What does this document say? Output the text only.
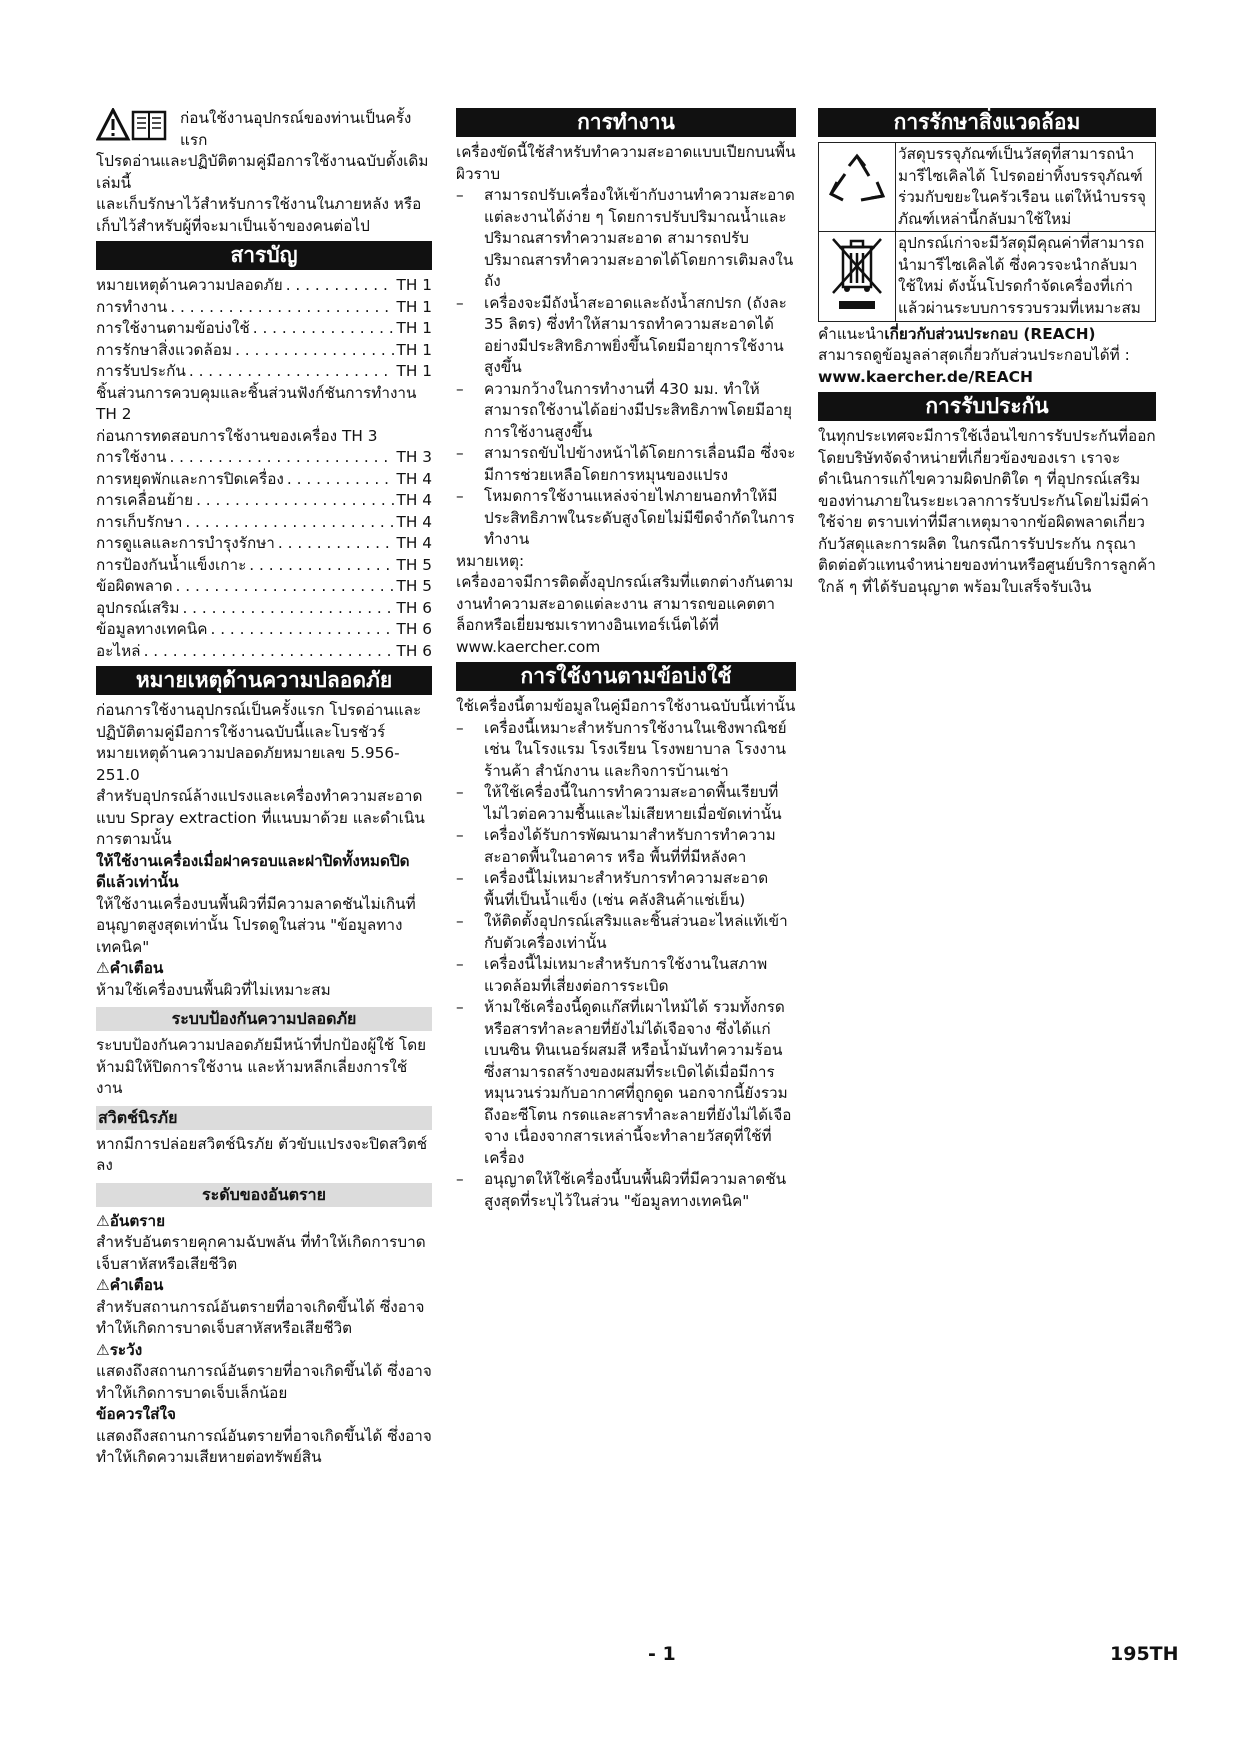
ก่อนใช้งานอุปกรณ์ของท่านเป็นครั้งแรก

โปรดอ่านและปฏิบัติตามคู่มือการใช้งานฉบับดั้งเดิมเล่มนี้

และเก็บรักษาไว้สำหรับการใช้งานในภายหลัง หรือเก็บไว้สำหรับผู้ที่จะมาเป็นเจ้าของคนต่อไป

สารบัญ
หมายเหตุด้านความปลอดภัย . . .	TH 1
การทำงาน . . .	TH 1
การใช้งานตามข้อบ่งใช้ . . .	TH 1
การรักษาสิ่งแวดล้อม . . .	TH 1
การรับประกัน . . .	TH 1
ชิ้นส่วนการควบคุมและชิ้นส่วนฟังก์ชันการทำงาน TH 2
ก่อนการทดสอบการใช้งานของเครื่อง TH 3
การใช้งาน . . .	TH 3
การหยุดพักและการปิดเครื่อง . . .	TH 4
การเคลื่อนย้าย . . .	TH 4
การเก็บรักษา . . .	TH 4
การดูแลและการบำรุงรักษา . . .	TH 4
การป้องกันน้ำแข็งเกาะ . . .	TH 5
ข้อผิดพลาด . . .	TH 5
อุปกรณ์เสริม . . .	TH 6
ข้อมูลทางเทคนิค . . .	TH 6
อะไหล่ . . .	TH 6
หมายเหตุด้านความปลอดภัย

ก่อนการใช้งานอุปกรณ์เป็นครั้งแรก โปรดอ่านและปฏิบัติตามคู่มือการใช้งานฉบับนี้และโบรชัวร์หมายเหตุด้านความปลอดภัยหมายเลข 5.956-251.0

สำหรับอุปกรณ์ล้างแปรงและเครื่องทำความสะอาดแบบ Spray extraction ที่แนบมาด้วย และดำเนินการตามนั้น

ให้ใช้งานเครื่องเมื่อฝาครอบและฝาปิดทั้งหมดปิดดีแล้วเท่านั้น

ให้ใช้งานเครื่องบนพื้นผิวที่มีความลาดชันไม่เกินที่อนุญาตสูงสุดเท่านั้น โปรดดูในส่วน "ข้อมูลทางเทคนิค"

⚠คำเตือน

ห้ามใช้เครื่องบนพื้นผิวที่ไม่เหมาะสม

ระบบป้องกันความปลอดภัย

ระบบป้องกันความปลอดภัยมีหน้าที่ปกป้องผู้ใช้ โดยห้ามมิให้ปิดการใช้งาน และห้ามหลีกเลี่ยงการใช้งาน

สวิตช์นิรภัย

หากมีการปล่อยสวิตช์นิรภัย ตัวขับแปรงจะปิดสวิตช์ลง

ระดับของอันตราย

⚠อันตราย

สำหรับอันตรายคุกคามฉับพลัน ที่ทำให้เกิดการบาดเจ็บสาหัสหรือเสียชีวิต

⚠คำเตือน

สำหรับสถานการณ์อันตรายที่อาจเกิดขึ้นได้ ซึ่งอาจทำให้เกิดการบาดเจ็บสาหัสหรือเสียชีวิต

⚠ระวัง

แสดงถึงสถานการณ์อันตรายที่อาจเกิดขึ้นได้ ซึ่งอาจทำให้เกิดการบาดเจ็บเล็กน้อย

ข้อควรใส่ใจ

แสดงถึงสถานการณ์อันตรายที่อาจเกิดขึ้นได้ ซึ่งอาจทำให้เกิดความเสียหายต่อทรัพย์สิน

การทำงาน

เครื่องขัดนี้ใช้สำหรับทำความสะอาดแบบเปียกบนพื้นผิวราบ

–	สามารถปรับเครื่องให้เข้ากับงานทำความสะอาดแต่ละงานได้ง่าย ๆ โดยการปรับปริมาณน้ำและปริมาณสารทำความสะอาด สามารถปรับปริมาณสารทำความสะอาดได้โดยการเติมลงในถัง
–	เครื่องจะมีถังน้ำสะอาดและถังน้ำสกปรก (ถังละ 35 ลิตร) ซึ่งทำให้สามารถทำความสะอาดได้อย่างมีประสิทธิภาพยิ่งขึ้นโดยมีอายุการใช้งานสูงขึ้น
–	ความกว้างในการทำงานที่ 430 มม. ทำให้สามารถใช้งานได้อย่างมีประสิทธิภาพโดยมีอายุการใช้งานสูงขึ้น
–	สามารถขับไปข้างหน้าได้โดยการเลื่อนมือ ซึ่งจะมีการช่วยเหลือโดยการหมุนของแปรง
–	โหมดการใช้งานแหล่งจ่ายไฟภายนอกทำให้มีประสิทธิภาพในระดับสูงโดยไม่มีขีดจำกัดในการทำงาน

หมายเหตุ:

เครื่องอาจมีการติดตั้งอุปกรณ์เสริมที่แตกต่างกันตามงานทำความสะอาดแต่ละงาน สามารถขอแคตตาล็อกหรือเยี่ยมชมเราทางอินเทอร์เน็ตได้ที่ www.kaercher.com

การใช้งานตามข้อบ่งใช้

ใช้เครื่องนี้ตามข้อมูลในคู่มือการใช้งานฉบับนี้เท่านั้น

–	เครื่องนี้เหมาะสำหรับการใช้งานในเชิงพาณิชย์ เช่น ในโรงแรม โรงเรียน โรงพยาบาล โรงงาน ร้านค้า สำนักงาน และกิจการบ้านเช่า
–	ให้ใช้เครื่องนี้ในการทำความสะอาดพื้นเรียบที่ไม่ไวต่อความชื้นและไม่เสียหายเมื่อขัดเท่านั้น
–	เครื่องได้รับการพัฒนามาสำหรับการทำความสะอาดพื้นในอาคาร หรือ พื้นที่ที่มีหลังคา
–	เครื่องนี้ไม่เหมาะสำหรับการทำความสะอาดพื้นที่เป็นน้ำแข็ง (เช่น คลังสินค้าแช่เย็น)
–	ให้ติดตั้งอุปกรณ์เสริมและชิ้นส่วนอะไหล่แท้เข้ากับตัวเครื่องเท่านั้น
–	เครื่องนี้ไม่เหมาะสำหรับการใช้งานในสภาพแวดล้อมที่เสี่ยงต่อการระเบิด
–	ห้ามใช้เครื่องนี้ดูดแก๊สที่เผาไหม้ได้ รวมทั้งกรดหรือสารทำละลายที่ยังไม่ได้เจือจาง ซึ่งได้แก่ เบนซิน ทินเนอร์ผสมสี หรือน้ำมันทำความร้อน ซึ่งสามารถสร้างของผสมที่ระเบิดได้เมื่อมีการหมุนวนร่วมกับอากาศที่ถูกดูด นอกจากนี้ยังรวมถึงอะซีโตน กรดและสารทำละลายที่ยังไม่ได้เจือจาง เนื่องจากสารเหล่านี้จะทำลายวัสดุที่ใช้ที่เครื่อง
–	อนุญาตให้ใช้เครื่องนี้บนพื้นผิวที่มีความลาดชันสูงสุดที่ระบุไว้ในส่วน "ข้อมูลทางเทคนิค"
การรักษาสิ่งแวดล้อม
	วัสดุบรรจุภัณฑ์เป็นวัสดุที่สามารถนำมารีไซเคิลได้ โปรดอย่าทิ้งบรรจุภัณฑ์ร่วมกับขยะในครัวเรือน แต่ให้นำบรรจุภัณฑ์เหล่านี้กลับมาใช้ใหม่
	อุปกรณ์เก่าจะมีวัสดุมีคุณค่าที่สามารถนำมารีไซเคิลได้ ซึ่งควรจะนำกลับมาใช้ใหม่ ดังนั้นโปรดกำจัดเครื่องที่เก่าแล้วผ่านระบบการรวบรวมที่เหมาะสม

คำแนะนำเกี่ยวกับส่วนประกอบ (REACH)

สามารถดูข้อมูลล่าสุดเกี่ยวกับส่วนประกอบได้ที่ :

www.kaercher.de/REACH

การรับประกัน

ในทุกประเทศจะมีการใช้เงื่อนไขการรับประกันที่ออกโดยบริษัทจัดจำหน่ายที่เกี่ยวข้องของเรา เราจะดำเนินการแก้ไขความผิดปกติใด ๆ ที่อุปกรณ์เสริมของท่านภายในระยะเวลาการรับประกันโดยไม่มีค่าใช้จ่าย ตราบเท่าที่มีสาเหตุมาจากข้อผิดพลาดเกี่ยวกับวัสดุและการผลิต ในกรณีการรับประกัน กรุณาติดต่อตัวแทนจำหน่ายของท่านหรือศูนย์บริการลูกค้าใกล้ ๆ ที่ได้รับอนุญาต พร้อมใบเสร็จรับเงิน

- 1	195TH
